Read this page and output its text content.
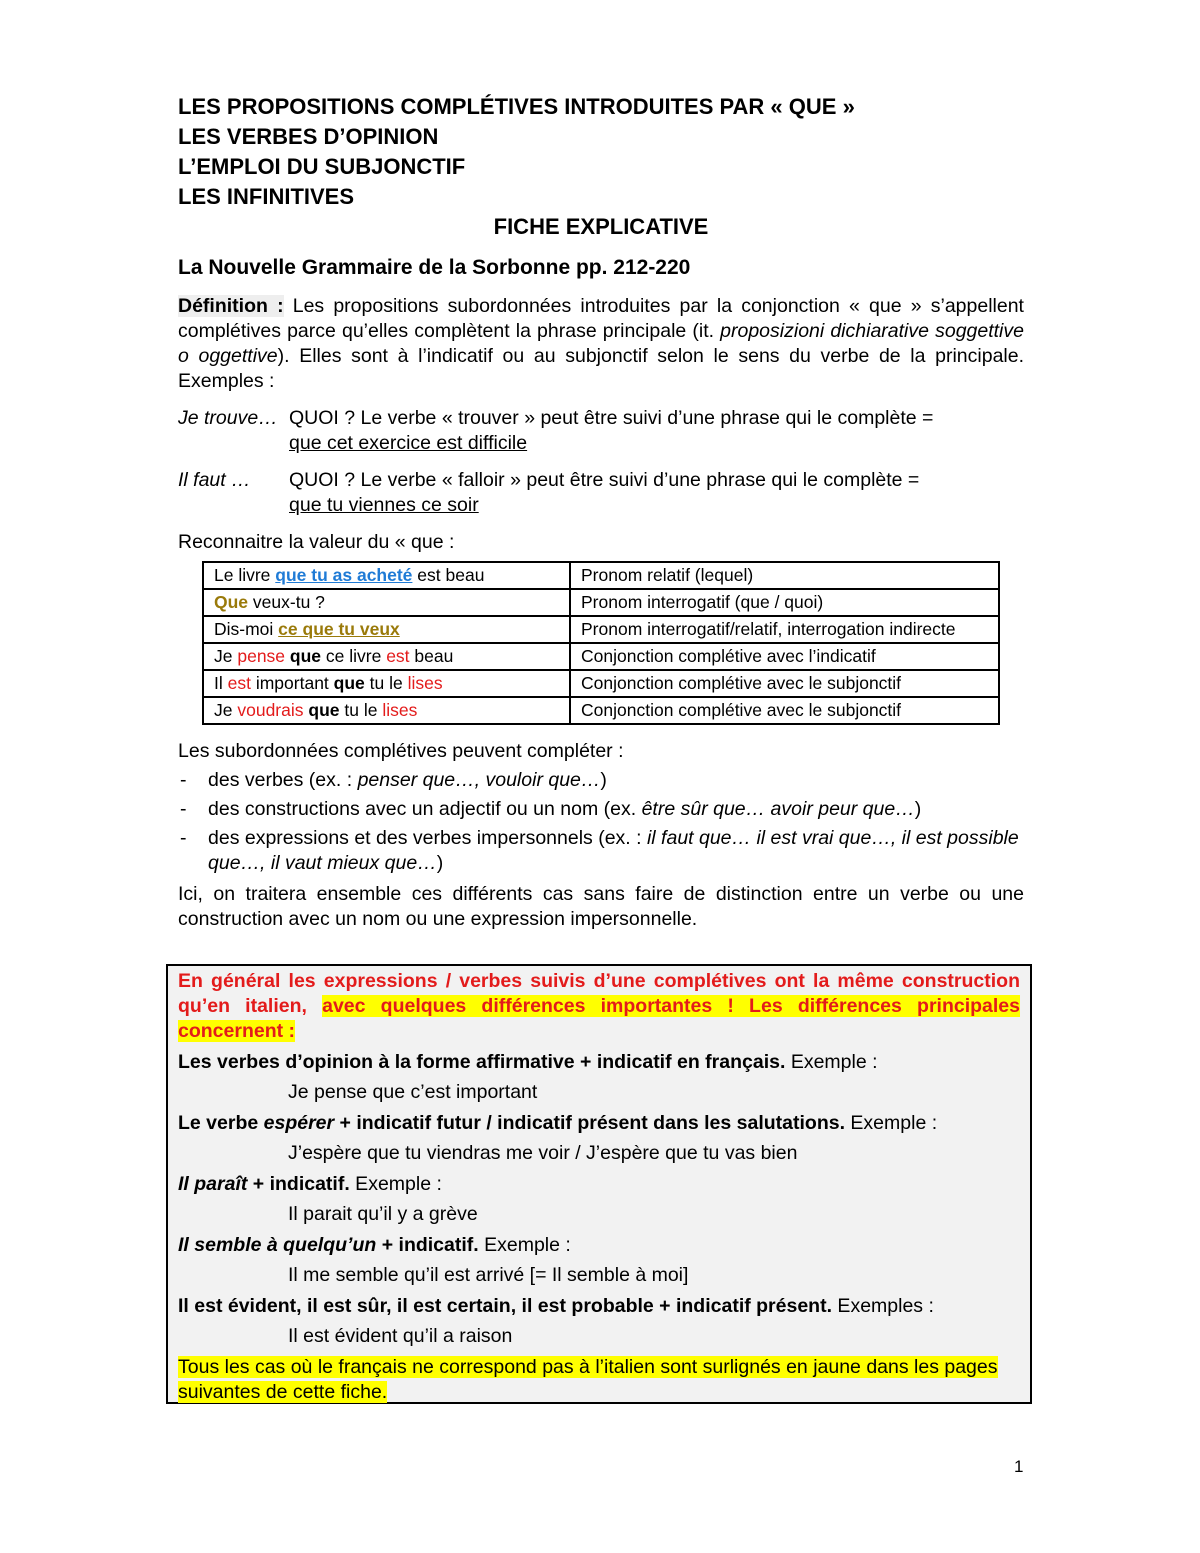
LES PROPOSITIONS COMPLÉTIVES INTRODUITES PAR « QUE »
LES VERBES D’OPINION
L’EMPLOI DU SUBJONCTIF
LES INFINITIVES
FICHE EXPLICATIVE
La Nouvelle Grammaire de la Sorbonne pp. 212-220
Définition : Les propositions subordonnées introduites par la conjonction « que » s’appellent complétives parce qu’elles complètent la phrase principale (it. proposizioni dichiarative soggettive o oggettive). Elles sont à l’indicatif ou au subjonctif selon le sens du verbe de la principale. Exemples :
Je trouve… QUOI ? Le verbe « trouver » peut être suivi d’une phrase qui le complète =
que cet exercice est difficile
Il faut …	QUOI ? Le verbe « falloir » peut être suivi d’une phrase qui le complète =
que tu viennes ce soir
Reconnaitre la valeur du « que :
Le livre que tu as acheté est beau	Pronom relatif (lequel)
Que veux-tu ?	Pronom interrogatif (que / quoi)
Dis-moi ce que tu veux	Pronom interrogatif/relatif, interrogation indirecte
Je pense que ce livre est beau	Conjonction complétive avec l’indicatif
Il est important que tu le lises	Conjonction complétive avec le subjonctif
Je voudrais que tu le lises	Conjonction complétive avec le subjonctif
Les subordonnées complétives peuvent compléter :
- des verbes (ex. : penser que…, vouloir que…)
- des constructions avec un adjectif ou un nom (ex. être sûr que… avoir peur que…)
- des expressions et des verbes impersonnels (ex. : il faut que… il est vrai que…, il est possible que…, il vaut mieux que…)
Ici, on traitera ensemble ces différents cas sans faire de distinction entre un verbe ou une construction avec un nom ou une expression impersonnelle.
En général les expressions / verbes suivis d’une complétives ont la même construction qu’en italien, avec quelques différences importantes ! Les différences principales concernent :
Les verbes d’opinion à la forme affirmative + indicatif en français. Exemple :
Je pense que c’est important
Le verbe espérer + indicatif futur / indicatif présent dans les salutations. Exemple :
J’espère que tu viendras me voir / J’espère que tu vas bien
Il paraît + indicatif. Exemple :
Il parait qu’il y a grève
Il semble à quelqu’un + indicatif. Exemple :
Il me semble qu’il est arrivé [= Il semble à moi]
Il est évident, il est sûr, il est certain, il est probable + indicatif présent. Exemples :
Il est évident qu’il a raison
Tous les cas où le français ne correspond pas à l’italien sont surlignés en jaune dans les pages suivantes de cette fiche.
1
